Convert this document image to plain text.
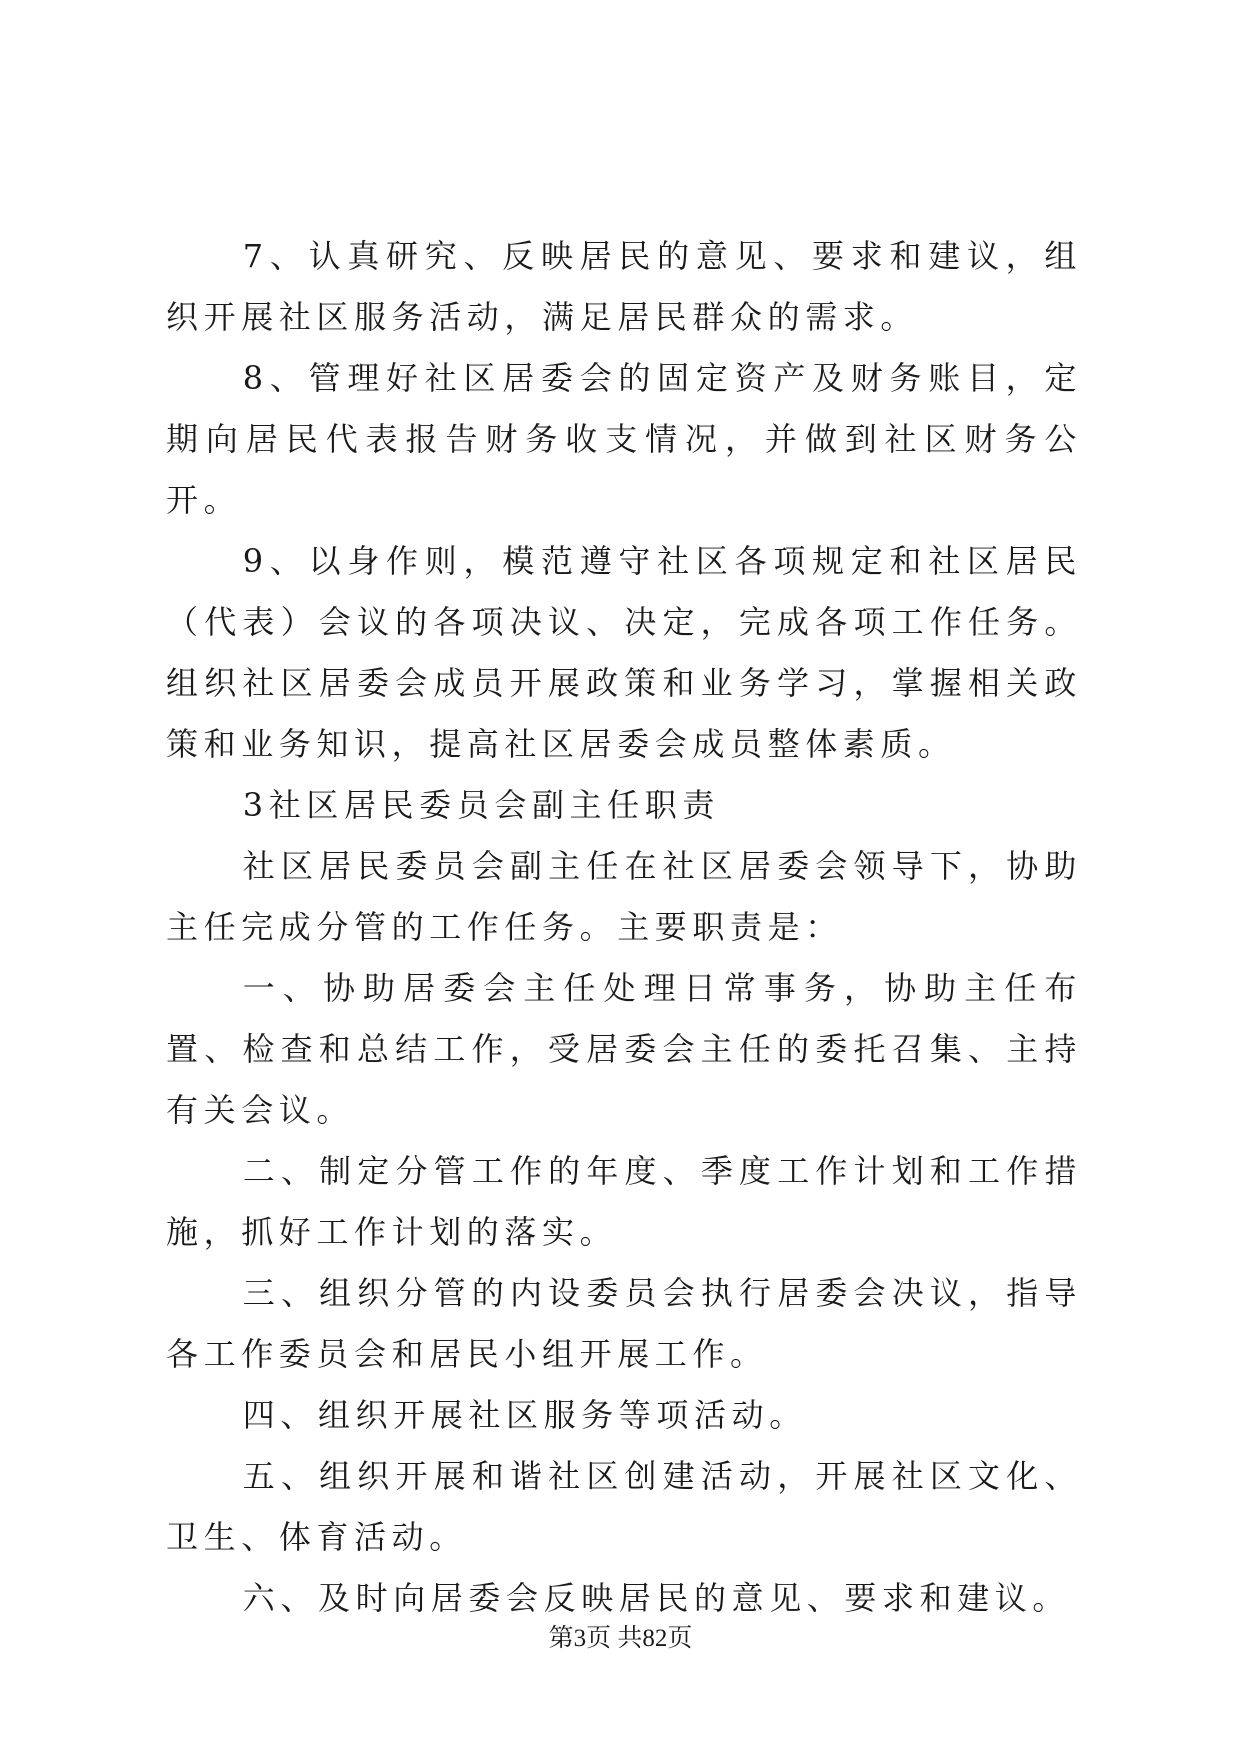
7、认真研究、反映居民的意见、要求和建议，组织开展社区服务活动，满足居民群众的需求。

8、管理好社区居委会的固定资产及财务账目，定期向居民代表报告财务收支情况，并做到社区财务公开。

9、以身作则，模范遵守社区各项规定和社区居民（代表）会议的各项决议、决定，完成各项工作任务。组织社区居委会成员开展政策和业务学习，掌握相关政策和业务知识，提高社区居委会成员整体素质。

3社区居民委员会副主任职责

社区居民委员会副主任在社区居委会领导下，协助主任完成分管的工作任务。主要职责是：

一、协助居委会主任处理日常事务，协助主任布置、检查和总结工作，受居委会主任的委托召集、主持有关会议。

二、制定分管工作的年度、季度工作计划和工作措施，抓好工作计划的落实。

三、组织分管的内设委员会执行居委会决议，指导各工作委员会和居民小组开展工作。

四、组织开展社区服务等项活动。

五、组织开展和谐社区创建活动，开展社区文化、卫生、体育活动。

六、及时向居委会反映居民的意见、要求和建议。

第3页 共82页
